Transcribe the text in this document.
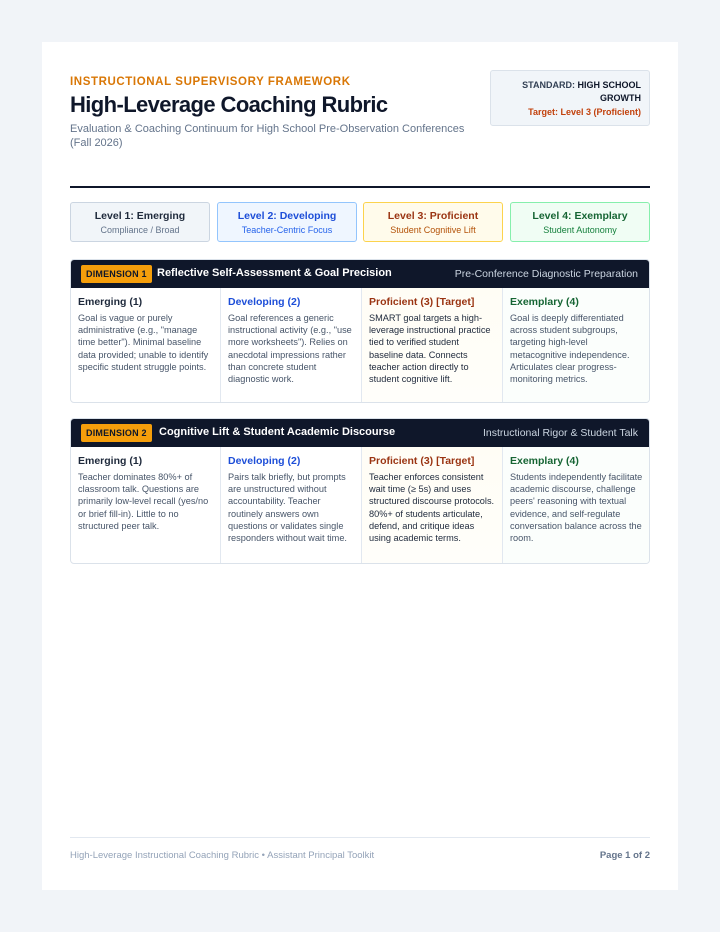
INSTRUCTIONAL SUPERVISORY FRAMEWORK
High-Leverage Coaching Rubric
Evaluation & Coaching Continuum for High School Pre-Observation Conferences (Fall 2026)
STANDARD: HIGH SCHOOL GROWTH
Target: Level 3 (Proficient)
Level 1: Emerging
Compliance / Broad
Level 2: Developing
Teacher-Centric Focus
Level 3: Proficient
Student Cognitive Lift
Level 4: Exemplary
Student Autonomy
DIMENSION 1 Reflective Self-Assessment & Goal Precision	Pre-Conference Diagnostic Preparation
Emerging (1)
Goal is vague or purely administrative (e.g., "manage time better"). Minimal baseline data provided; unable to identify specific student struggle points.
Developing (2)
Goal references a generic instructional activity (e.g., "use more worksheets"). Relies on anecdotal impressions rather than concrete student diagnostic work.
Proficient (3) [Target]
SMART goal targets a high-leverage instructional practice tied to verified student baseline data. Connects teacher action directly to student cognitive lift.
Exemplary (4)
Goal is deeply differentiated across student subgroups, targeting high-level metacognitive independence. Articulates clear progress-monitoring metrics.
DIMENSION 2	Cognitive Lift & Student Academic Discourse	Instructional Rigor & Student Talk
Emerging (1)
Teacher dominates 80%+ of classroom talk. Questions are primarily low-level recall (yes/no or brief fill-in). Little to no structured peer talk.
Developing (2)
Pairs talk briefly, but prompts are unstructured without accountability. Teacher routinely answers own questions or validates single responders without wait time.
Proficient (3) [Target]
Teacher enforces consistent wait time (≥ 5s) and uses structured discourse protocols. 80%+ of students articulate, defend, and critique ideas using academic terms.
Exemplary (4)
Students independently facilitate academic discourse, challenge peers' reasoning with textual evidence, and self-regulate conversation balance across the room.
High-Leverage Instructional Coaching Rubric • Assistant Principal Toolkit	Page 1 of 2
